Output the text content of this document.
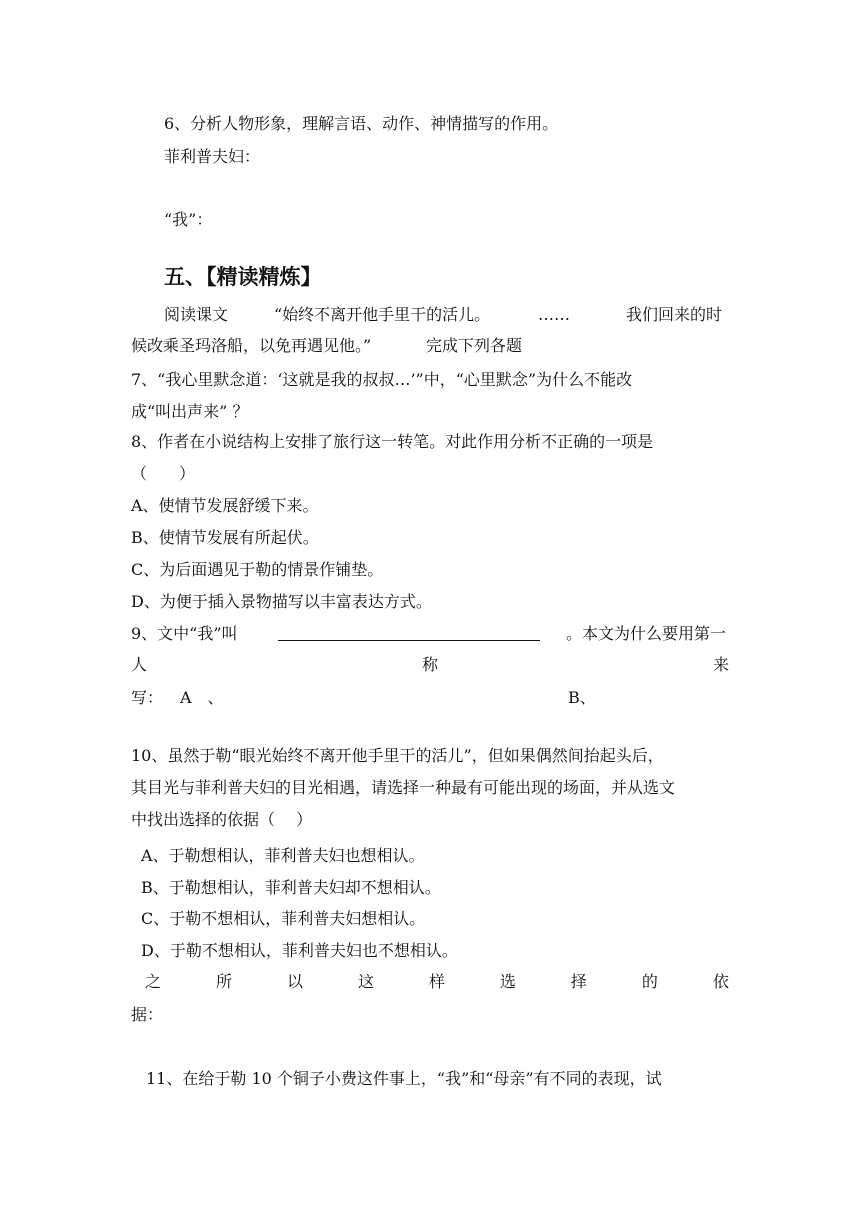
6、分析人物形象，理解言语、动作、神情描写的作用。
菲利普夫妇：
“我”：
五、【精读精炼】
阅读课文	“始终不离开他手里干的活儿。	……	我们回来的时
候改乘圣玛洛船，以免再遇见他。”	完成下列各题
7、“我心里默念道：‘这就是我的叔叔…’”中，“心里默念”为什么不能改
成“叫出声来” ？
8、作者在小说结构上安排了旅行这一转笔。对此作用分析不正确的一项是
（　　）
A、使情节发展舒缓下来。
B、使情节发展有所起伏。
C、为后面遇见于勒的情景作铺垫。
D、为便于插入景物描写以丰富表达方式。
9、文中“我”叫	。本文为什么要用第一
人	称	来
写： A　、	B、
10、虽然于勒“眼光始终不离开他手里干的活儿”，但如果偶然间抬起头后，
其目光与菲利普夫妇的目光相遇，请选择一种最有可能出现的场面，并从选文
中找出选择的依据（　 ）
A、于勒想相认，菲利普夫妇也想相认。
B、于勒想相认，菲利普夫妇却不想相认。
C、于勒不想相认，菲利普夫妇想相认。
D、于勒不想相认，菲利普夫妇也不想相认。
之	所	以	这	样	选	择	的	依
据：
11、在给于勒 10 个铜子小费这件事上，“我”和“母亲”有不同的表现，试
